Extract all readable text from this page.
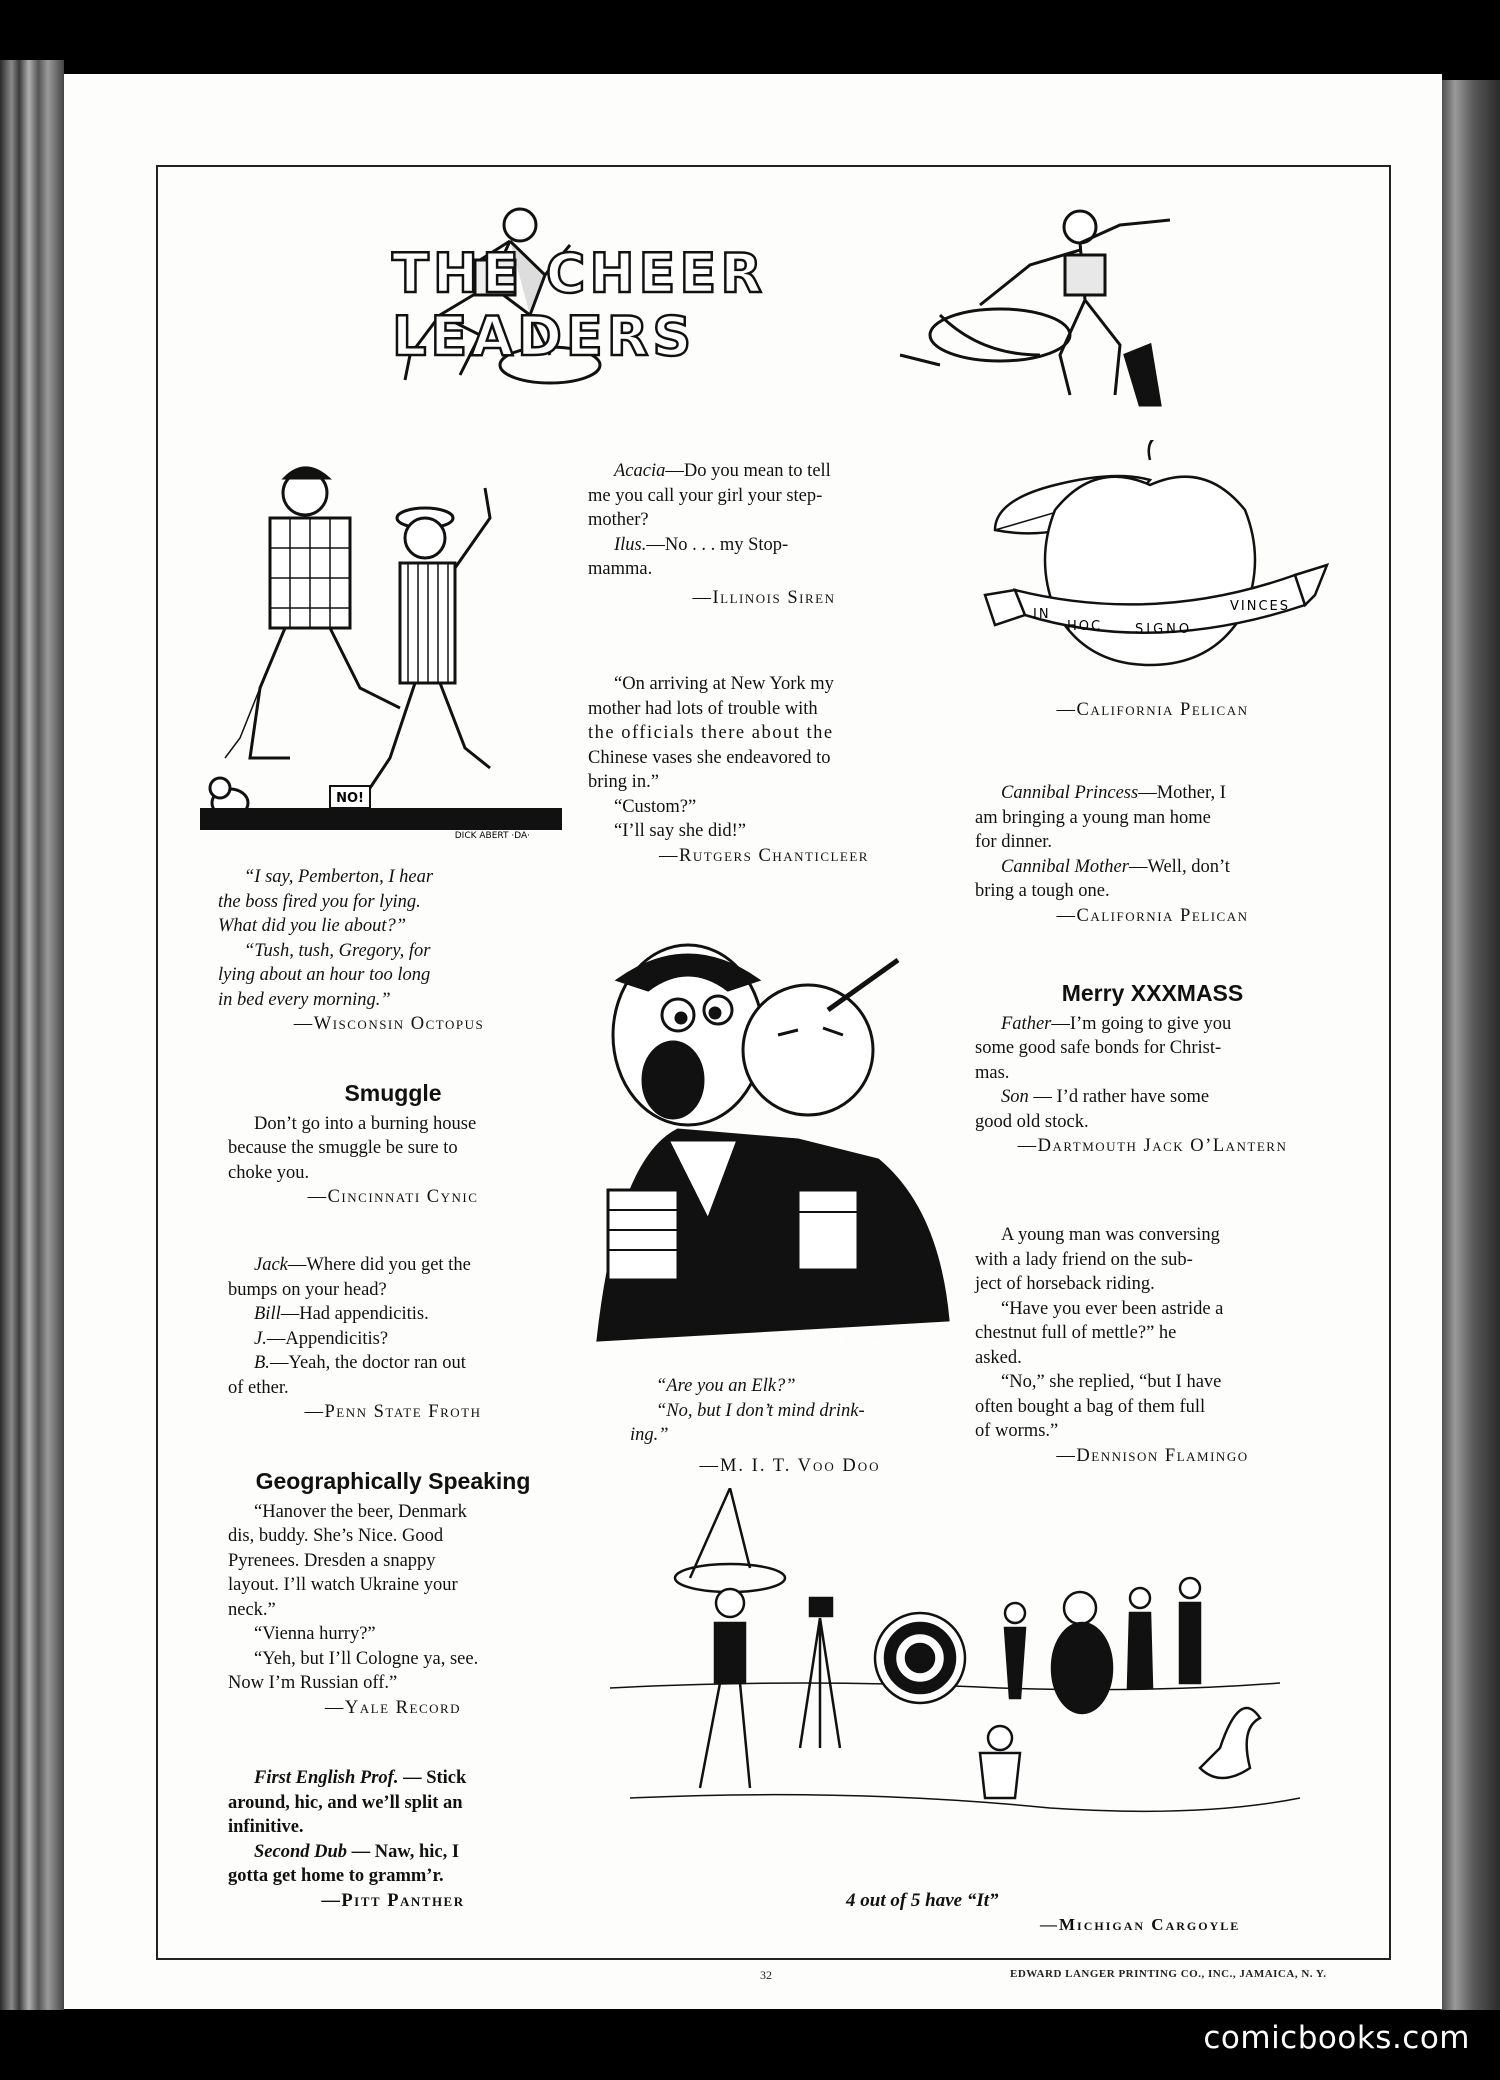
THE CHEER LEADERS
NO!
DICK ABERT ·DA·

“I say, Pemberton, I hear

the boss fired you for lying.

What did you lie about?”

“Tush, tush, Gregory, for

lying about an hour too long

in bed every morning.”

—Wisconsin Octopus

Smuggle

Don’t go into a burning house

because the smuggle be sure to

choke you.

—Cincinnati Cynic

Jack—Where did you get the

bumps on your head?

Bill—Had appendicitis.

J.—Appendicitis?

B.—Yeah, the doctor ran out

of ether.

—Penn State Froth

Geographically Speaking

“Hanover the beer, Denmark

dis, buddy. She’s Nice. Good

Pyrenees. Dresden a snappy

layout. I’ll watch Ukraine your

neck.”

“Vienna hurry?”

“Yeh, but I’ll Cologne ya, see.

Now I’m Russian off.”

—Yale Record

First English Prof. — Stick

around, hic, and we’ll split an

infinitive.

Second Dub — Naw, hic, I

gotta get home to gramm’r.

—Pitt Panther

Acacia—Do you mean to tell

me you call your girl your step-

mother?

Ilus.—No . . . my Stop-

mamma.

—Illinois Siren

“On arriving at New York my

mother had lots of trouble with

the officials there about the

Chinese vases she endeavored to

bring in.”

“Custom?”

“I’ll say she did!”

—Rutgers Chanticleer

E. COTRAN

“Are you an Elk?”

“No, but I don’t mind drink-

ing.”

—M. I. T. Voo Doo

4 out of 5 have “It”

—Michigan Cargoyle

IN
HOC	SIGNO
VINCES

—California Pelican

Cannibal Princess—Mother, I

am bringing a young man home

for dinner.

Cannibal Mother—Well, don’t

bring a tough one.

—California Pelican

Merry XXXMASS

Father—I’m going to give you

some good safe bonds for Christ-

mas.

Son — I’d rather have some

good old stock.

—Dartmouth Jack O’Lantern

A young man was conversing

with a lady friend on the sub-

ject of horseback riding.

“Have you ever been astride a

chestnut full of mettle?” he

asked.

“No,” she replied, “but I have

often bought a bag of them full

of worms.”

—Dennison Flamingo

32	EDWARD LANGER PRINTING CO., INC., JAMAICA, N. Y.
comicbooks.com
